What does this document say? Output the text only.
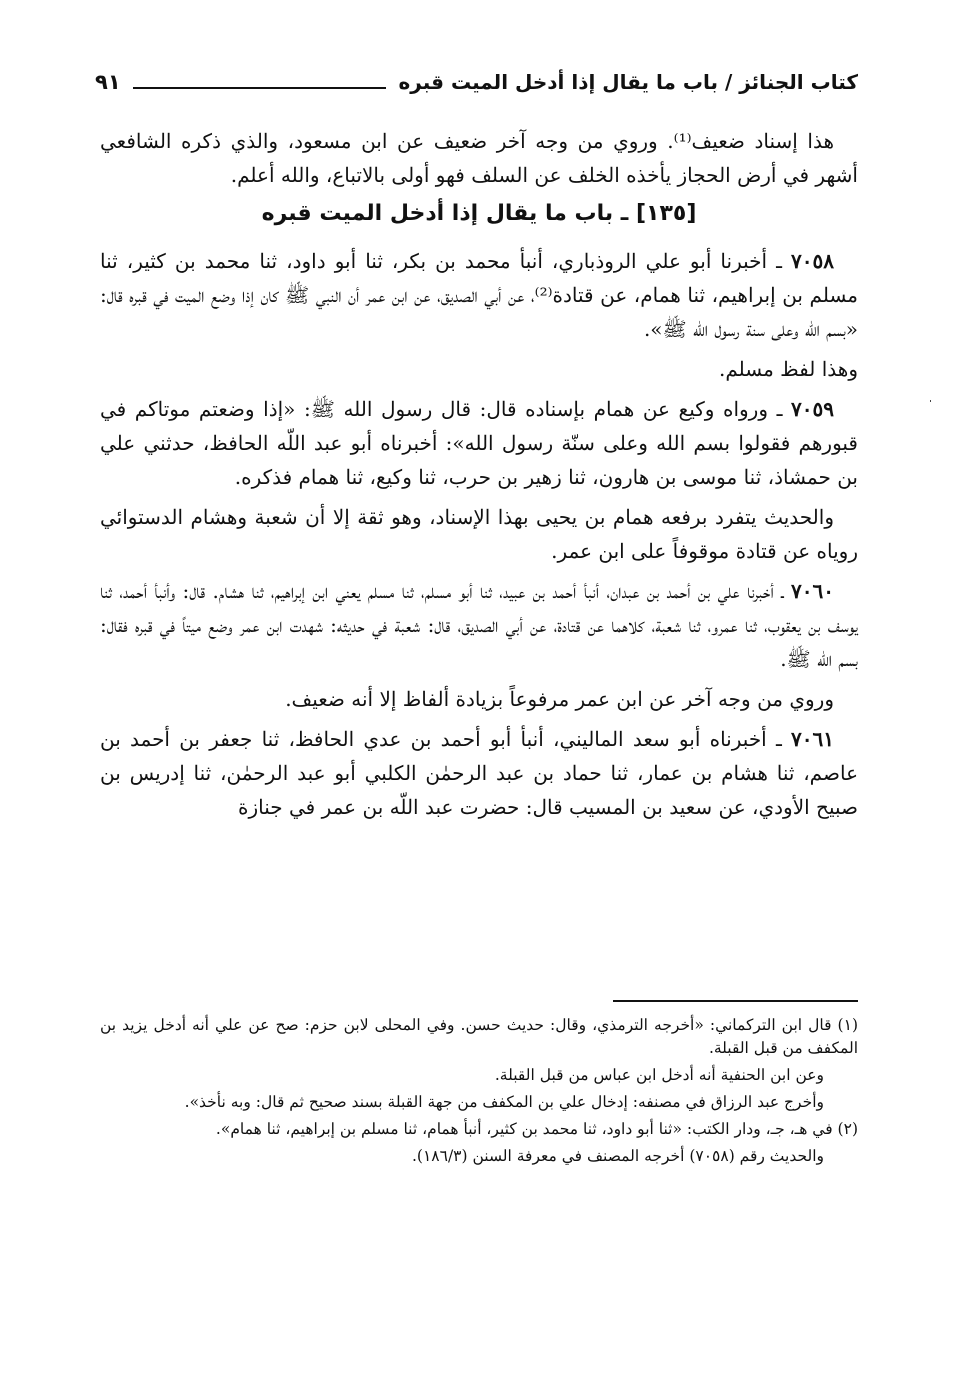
كتاب الجنائز / باب ما يقال إذا أدخل الميت قبره
٩١

هذا إسناد ضعيف⁽¹⁾. وروي من وجه آخر ضعيف عن ابن مسعود، والذي ذكره الشافعي أشهر في أرض الحجاز يأخذه الخلف عن السلف فهو أولى بالاتباع، والله أعلم.

[١٣٥] ـ باب ما يقال إذا أدخل الميت قبره

٧٠٥٨ ـ أخبرنا أبو علي الروذباري، أنبأ محمد بن بكر، ثنا أبو داود، ثنا محمد بن كثير، ثنا مسلم بن إبراهيم، ثنا همام، عن قتادة⁽²⁾، عن أبي الصديق، عن ابن عمر أن النبي ﷺ كان إذا وضع الميت في قبره قال: «بسم الله وعلى سنة رسول الله ﷺ».

وهذا لفظ مسلم.

٧٠٥٩ ـ ورواه وكيع عن همام بإسناده قال: قال رسول الله ﷺ: «إذا وضعتم موتاكم في قبورهم فقولوا بسم الله وعلى سنّة رسول الله»: أخبرناه أبو عبد اللّه الحافظ، حدثني علي بن حمشاذ، ثنا موسى بن هارون، ثنا زهير بن حرب، ثنا وكيع، ثنا همام فذكره.

والحديث يتفرد برفعه همام بن يحيى بهذا الإسناد، وهو ثقة إلا أن شعبة وهشام الدستوائي روياه عن قتادة موقوفاً على ابن عمر.

٧٠٦٠ ـ أخبرنا علي بن أحمد بن عبدان، أنبأ أحمد بن عبيد، ثنا أبو مسلم، ثنا مسلم يعني ابن إبراهيم، ثنا هشام. قال: وأنبأ أحمد، ثنا يوسف بن يعقوب، ثنا عمرو، ثنا شعبة، كلاهما عن قتادة، عن أبي الصديق، قال: شعبة في حديثه: شهدت ابن عمر وضع ميتاً في قبره فقال: بسم الله ﷺ.

وروي من وجه آخر عن ابن عمر مرفوعاً بزيادة ألفاظ إلا أنه ضعيف.

٧٠٦١ ـ أخبرناه أبو سعد الماليني، أنبأ أبو أحمد بن عدي الحافظ، ثنا جعفر بن أحمد بن عاصم، ثنا هشام بن عمار، ثنا حماد بن عبد الرحمٰن الكلبي أبو عبد الرحمٰن، ثنا إدريس بن صبيح الأودي، عن سعيد بن المسيب قال: حضرت عبد اللّه بن عمر في جنازة

(١) قال ابن التركماني: «أخرجه الترمذي، وقال: حديث حسن. وفي المحلى لابن حزم: صح عن علي أنه أدخل يزيد بن المكفف من قبل القبلة.

وعن ابن الحنفية أنه أدخل ابن عباس من قبل القبلة.

وأخرج عبد الرزاق في مصنفه: إدخال علي بن المكفف من جهة القبلة بسند صحيح ثم قال: وبه نأخذ».

(٢) في هـ، جـ، ودار الكتب: «ثنا أبو داود، ثنا محمد بن كثير، أنبأ همام، ثنا مسلم بن إبراهيم، ثنا همام».

والحديث رقم (٧٠٥٨) أخرجه المصنف في معرفة السنن (١٨٦/٣).
